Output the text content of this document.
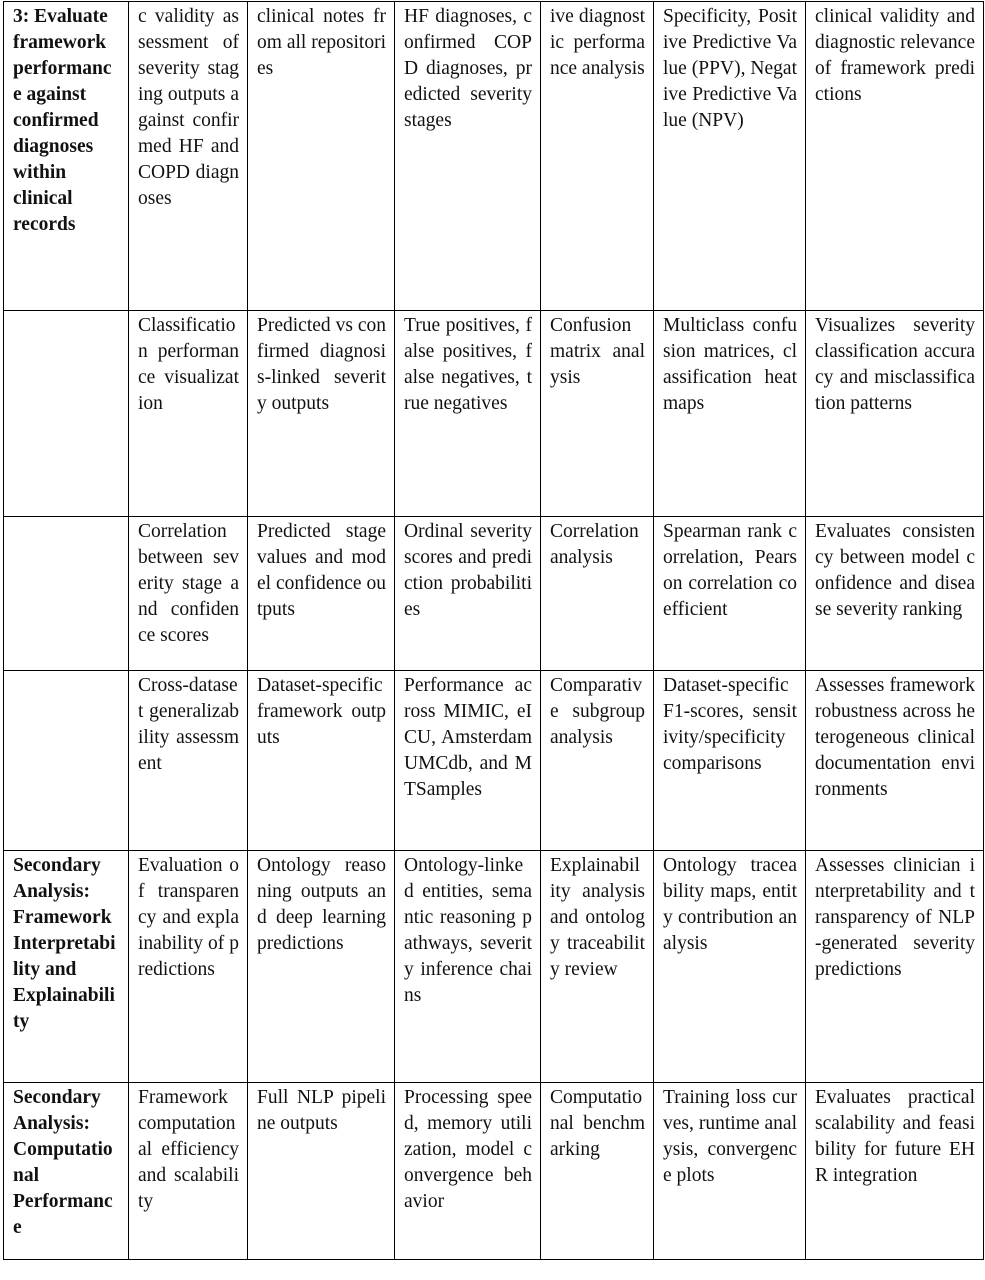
3: Evaluate framework performance against confirmed diagnoses within clinical records	c validity assessment of severity staging outputs against confirmed HF and COPD diagnoses	clinical notes from all repositories	HF diagnoses, confirmed COPD diagnoses, predicted severity stages	ive diagnostic performance analysis	Specificity, Positive Predictive Value (PPV), Negative Predictive Value (NPV)	clinical validity and diagnostic relevance of framework predictions
	Classification performance visualization	Predicted vs confirmed diagnosis-linked severity outputs	True positives, false positives, false negatives, true negatives	Confusion matrix analysis	Multiclass confusion matrices, classification heatmaps	Visualizes severity classification accuracy and misclassification patterns
	Correlation between severity stage and confidence scores	Predicted stage values and model confidence outputs	Ordinal severity scores and prediction probabilities	Correlation analysis	Spearman rank correlation, Pearson correlation coefficient	Evaluates consistency between model confidence and disease severity ranking
	Cross-dataset generalizability assessment	Dataset-specific framework outputs	Performance across MIMIC, eICU, AmsterdamUMCdb, and MTSamples	Comparative subgroup analysis	Dataset-specific F1-scores, sensitivity/specificity comparisons	Assesses framework robustness across heterogeneous clinical documentation environments
Secondary Analysis: Framework Interpretability and Explainability	Evaluation of transparency and explainability of predictions	Ontology reasoning outputs and deep learning predictions	Ontology-linked entities, semantic reasoning pathways, severity inference chains	Explainability analysis and ontology traceability review	Ontology traceability maps, entity contribution analysis	Assesses clinician interpretability and transparency of NLP-generated severity predictions
Secondary Analysis: Computational Performance	Framework computational efficiency and scalability	Full NLP pipeline outputs	Processing speed, memory utilization, model convergence behavior	Computational benchmarking	Training loss curves, runtime analysis, convergence plots	Evaluates practical scalability and feasibility for future EHR integration
